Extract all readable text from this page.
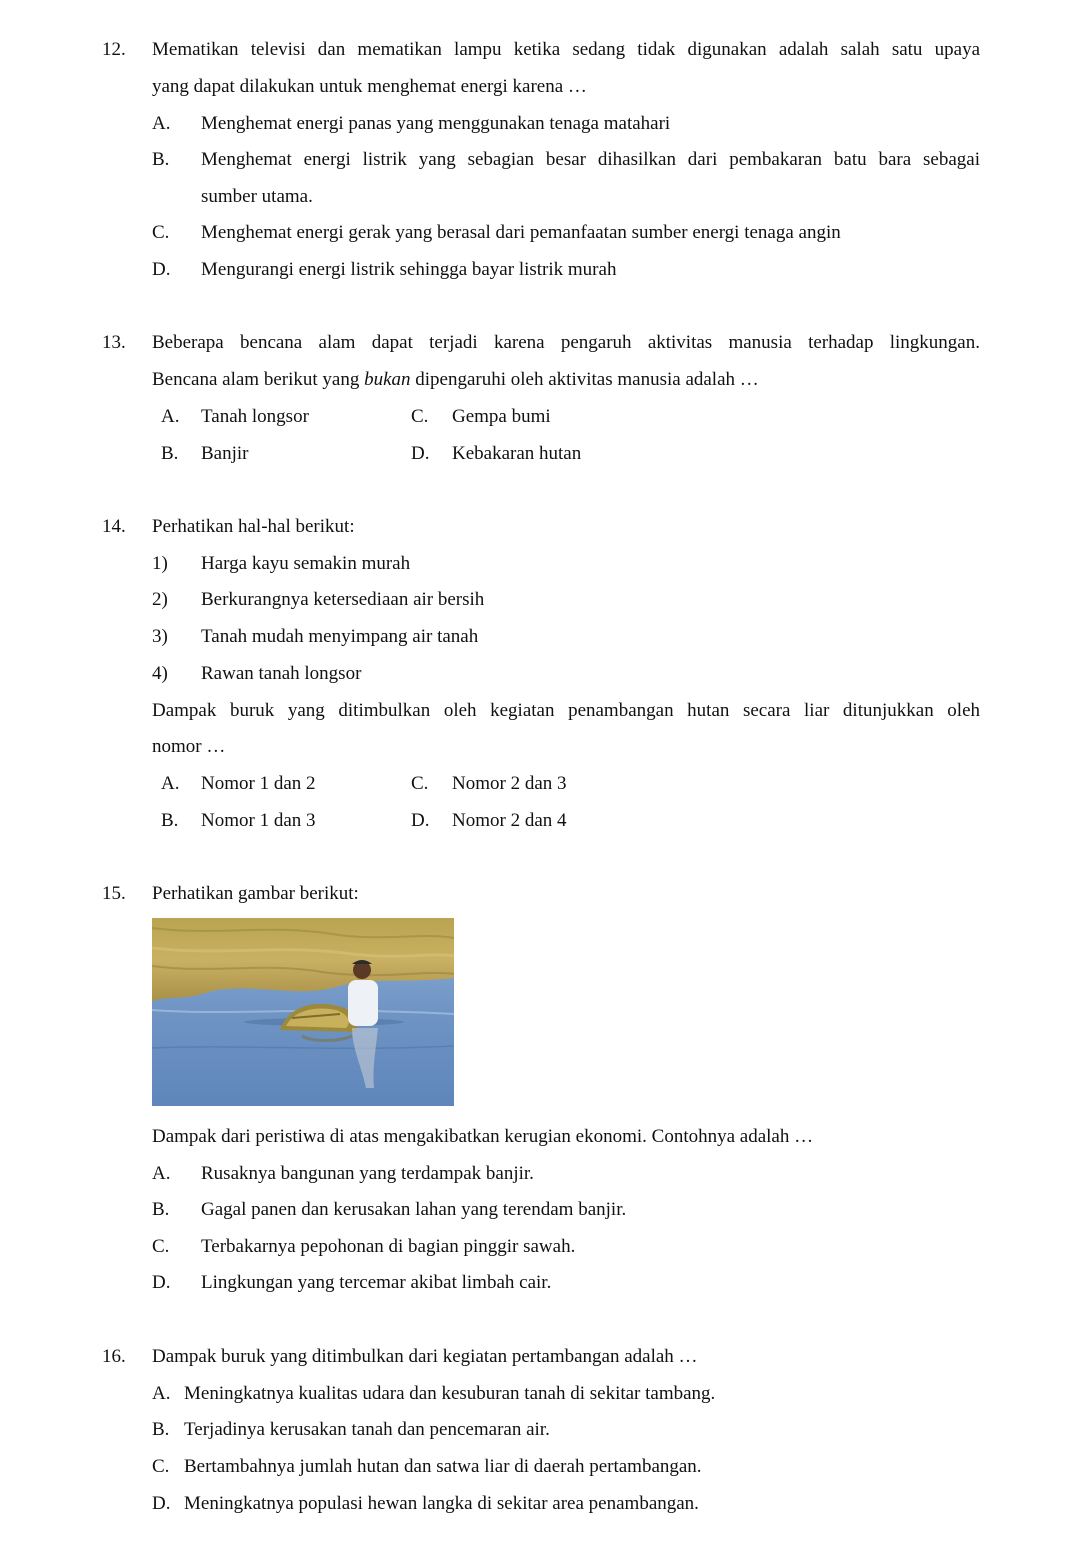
12. Mematikan televisi dan mematikan lampu ketika sedang tidak digunakan adalah salah satu upaya
yang dapat dilakukan untuk menghemat energi karena …
A. Menghemat energi panas yang menggunakan tenaga matahari
B. Menghemat energi listrik yang sebagian besar dihasilkan dari pembakaran batu bara sebagai
sumber utama.
C. Menghemat energi gerak yang berasal dari pemanfaatan sumber energi tenaga angin
D. Mengurangi energi listrik sehingga bayar listrik murah
13. Beberapa bencana alam dapat terjadi karena pengaruh aktivitas manusia terhadap lingkungan.
Bencana alam berikut yang bukan dipengaruhi oleh aktivitas manusia adalah …
A. Tanah longsor
B. Banjir
C. Gempa bumi
D. Kebakaran hutan
14. Perhatikan hal-hal berikut:
1) Harga kayu semakin murah
2) Berkurangnya ketersediaan air bersih
3) Tanah mudah menyimpang air tanah
4) Rawan tanah longsor
Dampak buruk yang ditimbulkan oleh kegiatan penambangan hutan secara liar ditunjukkan oleh
nomor …
A. Nomor 1 dan 2
B. Nomor 1 dan 3
C. Nomor 2 dan 3
D. Nomor 2 dan 4
15. Perhatikan gambar berikut:
Dampak dari peristiwa di atas mengakibatkan kerugian ekonomi. Contohnya adalah …
A. Rusaknya bangunan yang terdampak banjir.
B. Gagal panen dan kerusakan lahan yang terendam banjir.
C. Terbakarnya pepohonan di bagian pinggir sawah.
D. Lingkungan yang tercemar akibat limbah cair.
16. Dampak buruk yang ditimbulkan dari kegiatan pertambangan adalah …
A. Meningkatnya kualitas udara dan kesuburan tanah di sekitar tambang.
B. Terjadinya kerusakan tanah dan pencemaran air.
C. Bertambahnya jumlah hutan dan satwa liar di daerah pertambangan.
D. Meningkatnya populasi hewan langka di sekitar area penambangan.
